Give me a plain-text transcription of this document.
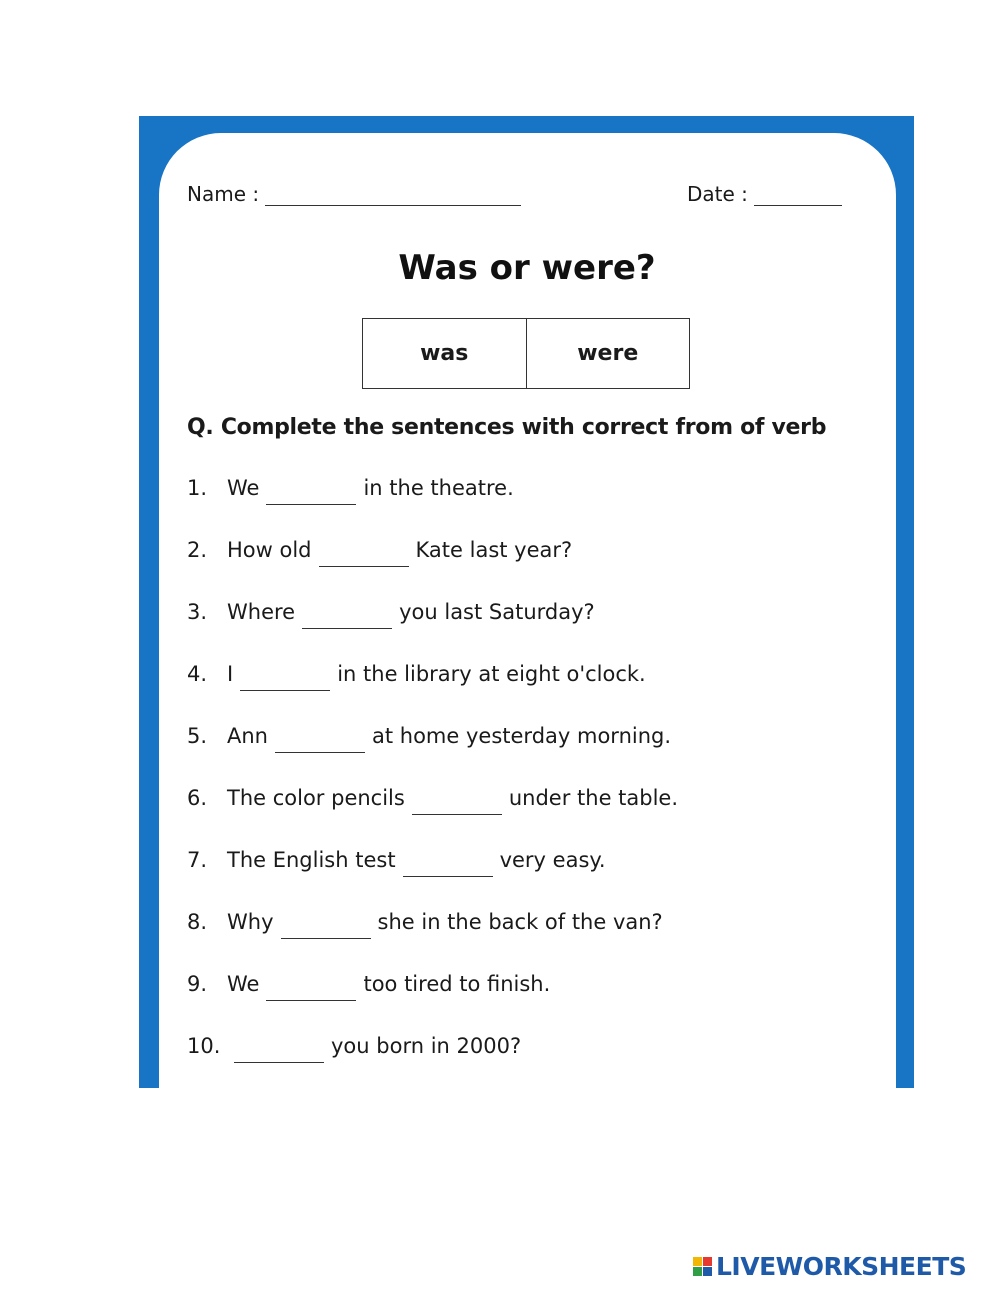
Name :	Date :
Was or were?
was	were
Q. Complete the sentences with correct from of verb
1. We	in the theatre.
2. How old	Kate last year?
3. Where	you last Saturday?
4. I	in the library at eight o'clock.
5. Ann	at home yesterday morning.
6. The color pencils	under the table.
7. The English test	very easy.
8. Why	she in the back of the van?
9. We	too tired to finish.
10.	you born in 2000?
LIVEWORKSHEETS
